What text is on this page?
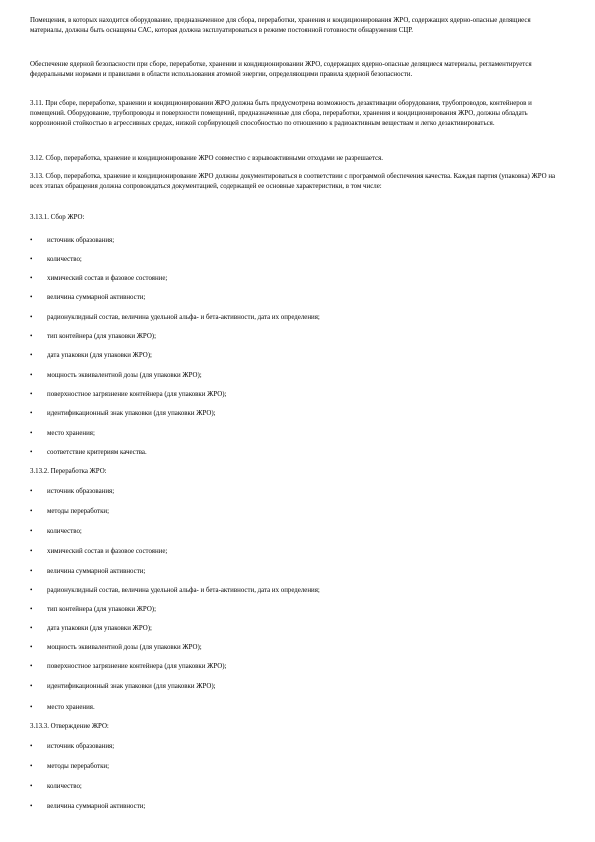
Помещения, в которых находится оборудование, предназначенное для сбора, переработки, хранения и кондиционирования ЖРО, содержащих ядерно-опасные делящиеся материалы, должны быть оснащены САС, которая должна эксплуатироваться в режиме постоянной готовности обнаружения СЦР.

Обеспечение ядерной безопасности при сборе, переработке, хранении и кондиционировании ЖРО, содержащих ядерно-опасные делящиеся материалы, регламентируется федеральными нормами и правилами в области использования атомной энергии, определяющими правила ядерной безопасности.

3.11. При сборе, переработке, хранении и кондиционировании ЖРО должна быть предусмотрена возможность дезактивации оборудования, трубопроводов, контейнеров и помещений. Оборудование, трубопроводы и поверхности помещений, предназначенные для сбора, переработки, хранения и кондиционирования ЖРО, должны обладать коррозионной стойкостью в агрессивных средах, низкой сорбирующей способностью по отношению к радиоактивным веществам и легко дезактивироваться.

3.12. Сбор, переработка, хранение и кондиционирование ЖРО совместно с взрывоактивными отходами не разрешается.

3.13. Сбор, переработка, хранение и кондиционирование ЖРО должны документироваться в соответствии с программой обеспечения качества. Каждая партия (упаковка) ЖРО на всех этапах обращения должна сопровождаться документацией, содержащей ее основные характеристики, в том числе:

3.13.1. Сбор ЖРО:
•	источник образования;
•	количество;
•	химический состав и фазовое состояние;
•	величина суммарной активности;
•	радионуклидный состав, величина удельной альфа- и бета-активности, дата их определения;
•	тип контейнера (для упаковки ЖРО);
•	дата упаковки (для упаковки ЖРО);
•	мощность эквивалентной дозы (для упаковки ЖРО);
•	поверхностное загрязнение контейнера (для упаковки ЖРО);
•	идентификационный знак упаковки (для упаковки ЖРО);
•	место хранения;
•	соответствие критериям качества.
3.13.2. Переработка ЖРО:
•	источник образования;
•	методы переработки;
•	количество;
•	химический состав и фазовое состояние;
•	величина суммарной активности;
•	радионуклидный состав, величина удельной альфа- и бета-активности, дата их определения;
•	тип контейнера (для упаковки ЖРО);
•	дата упаковки (для упаковки ЖРО);
•	мощность эквивалентной дозы (для упаковки ЖРО);
•	поверхностное загрязнение контейнера (для упаковки ЖРО);
•	идентификационный знак упаковки (для упаковки ЖРО);
•	место хранения.
3.13.3. Отверждение ЖРО:
•	источник образования;
•	методы переработки;
•	количество;
•	величина суммарной активности;
